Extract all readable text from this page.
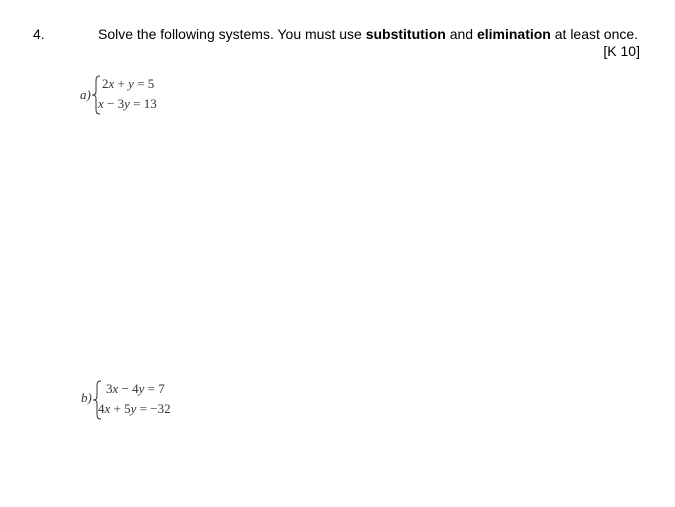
4.	Solve the following systems. You must use substitution and elimination at least once.
[K 10]
a)
2x + y = 5
x − 3y = 13
b)
3x − 4y = 7
4x + 5y = −32
